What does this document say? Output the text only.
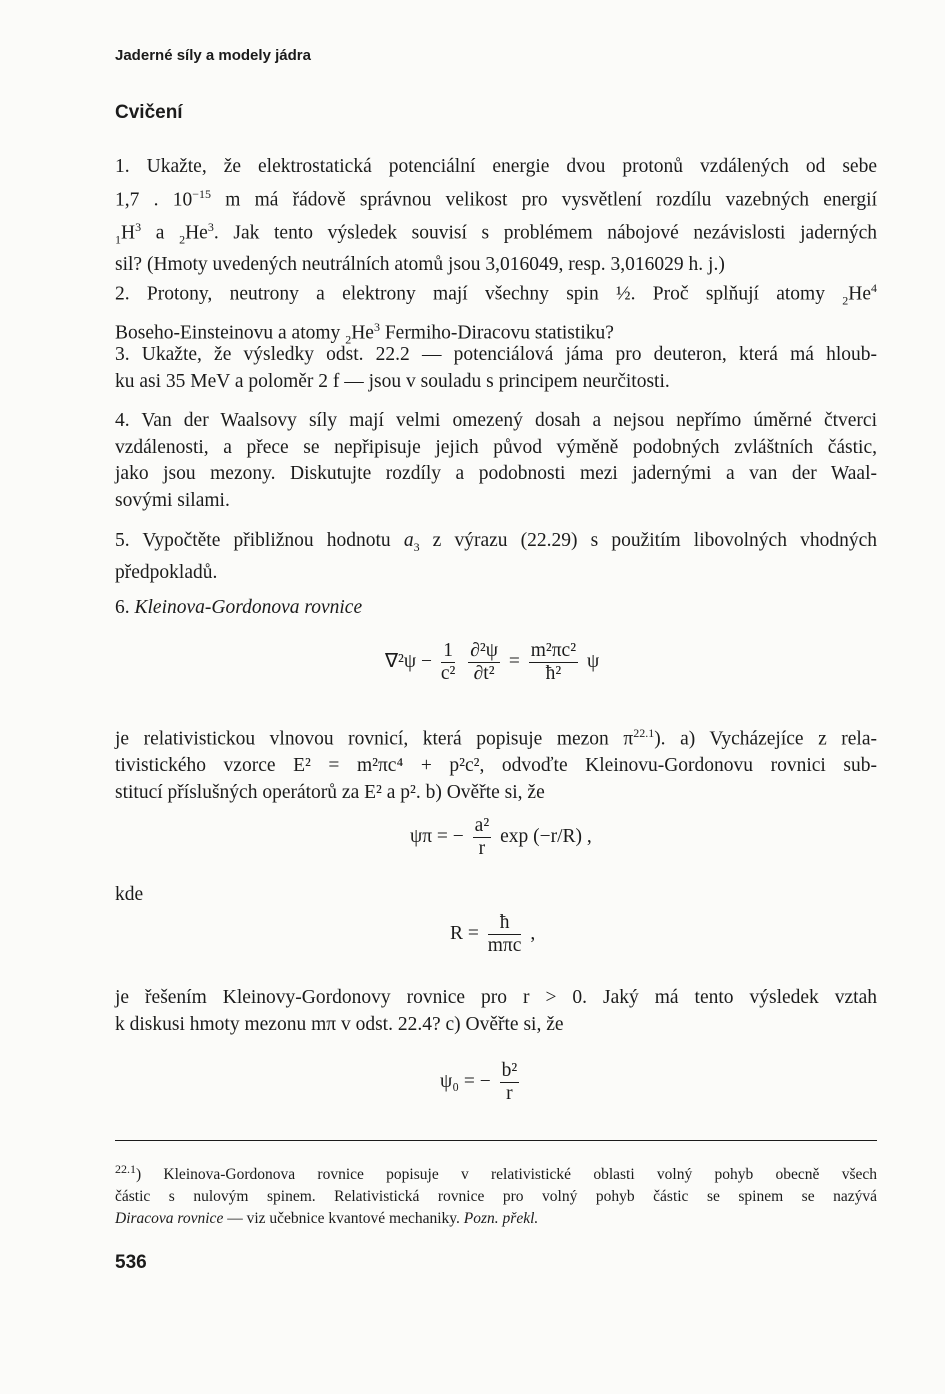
Jaderné síly a modely jádra
Cvičení
1. Ukažte, že elektrostatická potenciální energie dvou protonů vzdálených od sebe
1,7 . $10^{-15}$ m má řádově správnou velikost pro vysvětlení rozdílu vazebných energií
$_1H^3$ a $_2He^3$. Jak tento výsledek souvisí s problémem nábojové nezávislosti jaderných
sil? (Hmoty uvedených neutrálních atomů jsou 3,016049, resp. 3,016029 h. j.)
2. Protony, neutrony a elektrony mají všechny spin ½. Proč splňují atomy $_2He^4$
Boseho-Einsteinovu a atomy $_2He^3$ Fermiho-Diracovu statistiku?
3. Ukažte, že výsledky odst. 22.2 — potenciálová jáma pro deuteron, která má hloub-
ku asi 35 MeV a poloměr 2 f — jsou v souladu s principem neurčitosti.
4. Van der Waalsovy síly mají velmi omezený dosah a nejsou nepřímo úměrné čtverci
vzdálenosti, a přece se nepřipisuje jejich původ výměně podobných zvláštních částic,
jako jsou mezony. Diskutujte rozdíly a podobnosti mezi jadernými a van der Waal-
sovými silami.
5. Vypočtěte přibližnou hodnotu $a_3$ z výrazu (22.29) s použitím libovolných vhodných
předpokladů.
6. Kleinova-Gordonova rovnice
$\nabla^2\psi - \frac{1}{\text{c²}}$
$\frac{\text{∂²ψ}}{\text{∂t²}} = \frac{\text{m²πc²}}{\text{ħ²}}$ ψ
je relativistickou vlnovou rovnicí, která popisuje mezon $\pi^{22.1}$). a) Vycházejíce z rela-
tivistického vzorce E² = m²πc⁴ + p²c², odvoďte Kleinovu-Gordonovu rovnici sub-
stitucí příslušných operátorů za E² a p². b) Ověřte si, že
ψπ = − $\frac{\text{a²}}{r}$ exp (−r/R) ,
kde
$R = \frac{ħ}{\text{mπc}}$ ,
je řešením Kleinovy-Gordonovy rovnice pro r > 0. Jaký má tento výsledek vztah
k diskusi hmoty mezonu mπ v odst. 22.4? c) Ověřte si, že
ψ₀ = − $\frac{\text{b²}}{r}$
$^{22.1}$) Kleinova-Gordonova rovnice popisuje v relativistické oblasti volný pohyb obecně všech
částic s nulovým spinem. Relativistická rovnice pro volný pohyb částic se spinem se nazývá
Diracova rovnice — viz učebnice kvantové mechaniky. Pozn. překl.
536
